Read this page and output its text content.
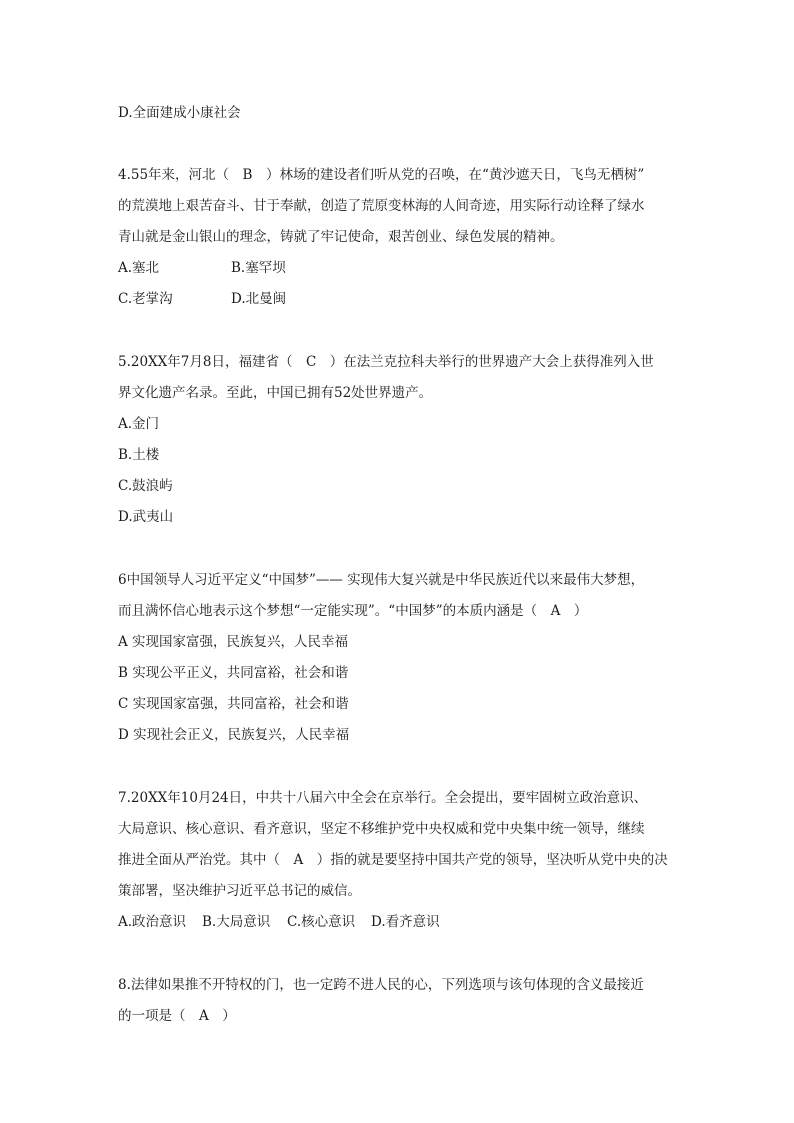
D.全面建成小康社会
4.55年来，河北（　B　）林场的建设者们听从党的召唤，在“黄沙遮天日，飞鸟无栖树”
的荒漠地上艰苦奋斗、甘于奉献，创造了荒原变林海的人间奇迹，用实际行动诠释了绿水
青山就是金山银山的理念，铸就了牢记使命，艰苦创业、绿色发展的精神。
A.塞北	B.塞罕坝
C.老掌沟	D.北曼闽
5.20XX年7月8日，福建省（　C　）在法兰克拉科夫举行的世界遗产大会上获得准列入世
界文化遗产名录。至此，中国已拥有52处世界遗产。
A.金门
B.土楼
C.鼓浪屿
D.武夷山
6中国领导人习近平定义“中国梦”—— 实现伟大复兴就是中华民族近代以来最伟大梦想，
而且满怀信心地表示这个梦想“一定能实现”。“中国梦”的本质内涵是（　A　）
A 实现国家富强，民族复兴，人民幸福
B 实现公平正义，共同富裕，社会和谐
C 实现国家富强，共同富裕，社会和谐
D 实现社会正义，民族复兴，人民幸福
7.20XX年10月24日，中共十八届六中全会在京举行。全会提出，要牢固树立政治意识、
大局意识、核心意识、看齐意识，坚定不移维护党中央权威和党中央集中统一领导，继续
推进全面从严治党。其中（　A　）指的就是要坚持中国共产党的领导，坚决听从党中央的决
策部署，坚决维护习近平总书记的威信。
A.政治意识 B.大局意识 C.核心意识 D.看齐意识
8.法律如果推不开特权的门，也一定跨不进人民的心，下列选项与该句体现的含义最接近
的一项是（　A　）
